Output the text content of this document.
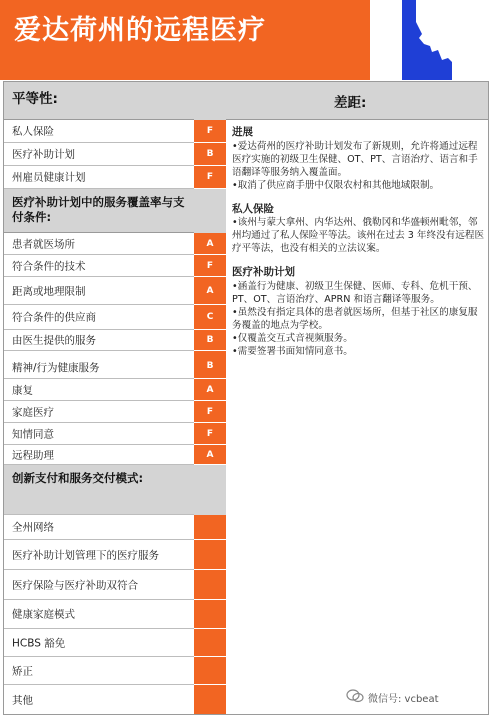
爱达荷州的远程医疗
平等性:	差距:
私人保险	F
医疗补助计划	B
州雇员健康计划	F
医疗补助计划中的服务覆盖率与支付条件:
患者就医场所	A
符合条件的技术	F
距离或地理限制	A
符合条件的供应商	C
由医生提供的服务	B
精神/行为健康服务	B
康复	A
家庭医疗	F
知情同意	F
远程助理	A
创新支付和服务交付模式:
全州网络
医疗补助计划管理下的医疗服务
医疗保险与医疗补助双符合
健康家庭模式
HCBS 豁免
矫正
其他
进展
•爱达荷州的医疗补助计划发布了新规则，允许将通过远程医疗实施的初级卫生保健、OT、PT、言语治疗、语言和手语翻译等服务纳入覆盖面。
•取消了供应商手册中仅限农村和其他地域限制。
私人保险
•该州与蒙大拿州、内华达州、俄勒冈和华盛顿州毗邻，邻州均通过了私人保险平等法。该州在过去 3 年终没有远程医疗平等法，也没有相关的立法议案。
医疗补助计划
•涵盖行为健康、初级卫生保健、医师、专科、危机干预、PT、OT、言语治疗、APRN 和语言翻译等服务。
•虽然没有指定具体的患者就医场所，但基于社区的康复服务覆盖的地点为学校。
•仅覆盖交互式音视频服务。
•需要签署书面知情同意书。
微信号: vcbeat
